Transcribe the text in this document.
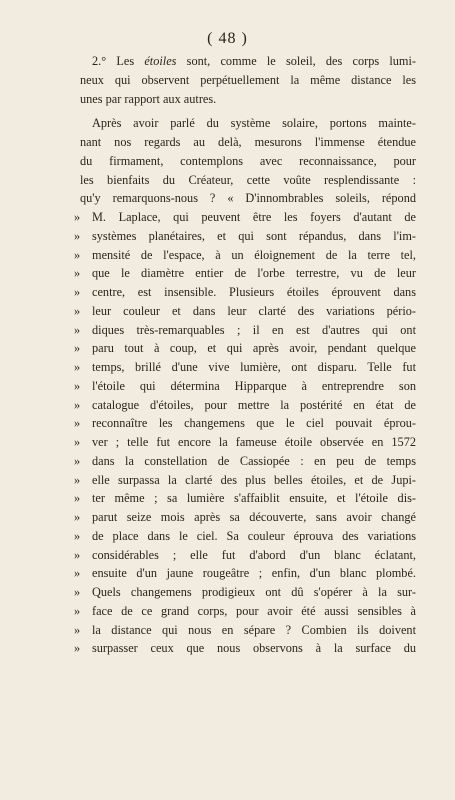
( 48 )
2.° Les étoiles sont, comme le soleil, des corps lumi-
neux qui observent perpétuellement la même distance les
unes par rapport aux autres.
Après avoir parlé du système solaire, portons mainte-
nant nos regards au delà, mesurons l'immense étendue
du firmament, contemplons avec reconnaissance, pour
les bienfaits du Créateur, cette voûte resplendissante :
qu'y remarquons-nous ? « D'innombrables soleils, répond
» M. Laplace, qui peuvent être les foyers d'autant de
» systèmes planétaires, et qui sont répandus, dans l'im-
» mensité de l'espace, à un éloignement de la terre tel,
» que le diamètre entier de l'orbe terrestre, vu de leur
» centre, est insensible. Plusieurs étoiles éprouvent dans
» leur couleur et dans leur clarté des variations pério-
» diques très-remarquables ; il en est d'autres qui ont
» paru tout à coup, et qui après avoir, pendant quelque
» temps, brillé d'une vive lumière, ont disparu. Telle fut
» l'étoile qui détermina Hipparque à entreprendre son
» catalogue d'étoiles, pour mettre la postérité en état de
» reconnaître les changemens que le ciel pouvait éprou-
» ver ; telle fut encore la fameuse étoile observée en 1572
» dans la constellation de Cassiopée : en peu de temps
» elle surpassa la clarté des plus belles étoiles, et de Jupi-
» ter même ; sa lumière s'affaiblit ensuite, et l'étoile dis-
» parut seize mois après sa découverte, sans avoir changé
» de place dans le ciel. Sa couleur éprouva des variations
» considérables ; elle fut d'abord d'un blanc éclatant,
» ensuite d'un jaune rougeâtre ; enfin, d'un blanc plombé.
» Quels changemens prodigieux ont dû s'opérer à la sur-
» face de ce grand corps, pour avoir été aussi sensibles à
» la distance qui nous en sépare ? Combien ils doivent
» surpasser ceux que nous observons à la surface du
